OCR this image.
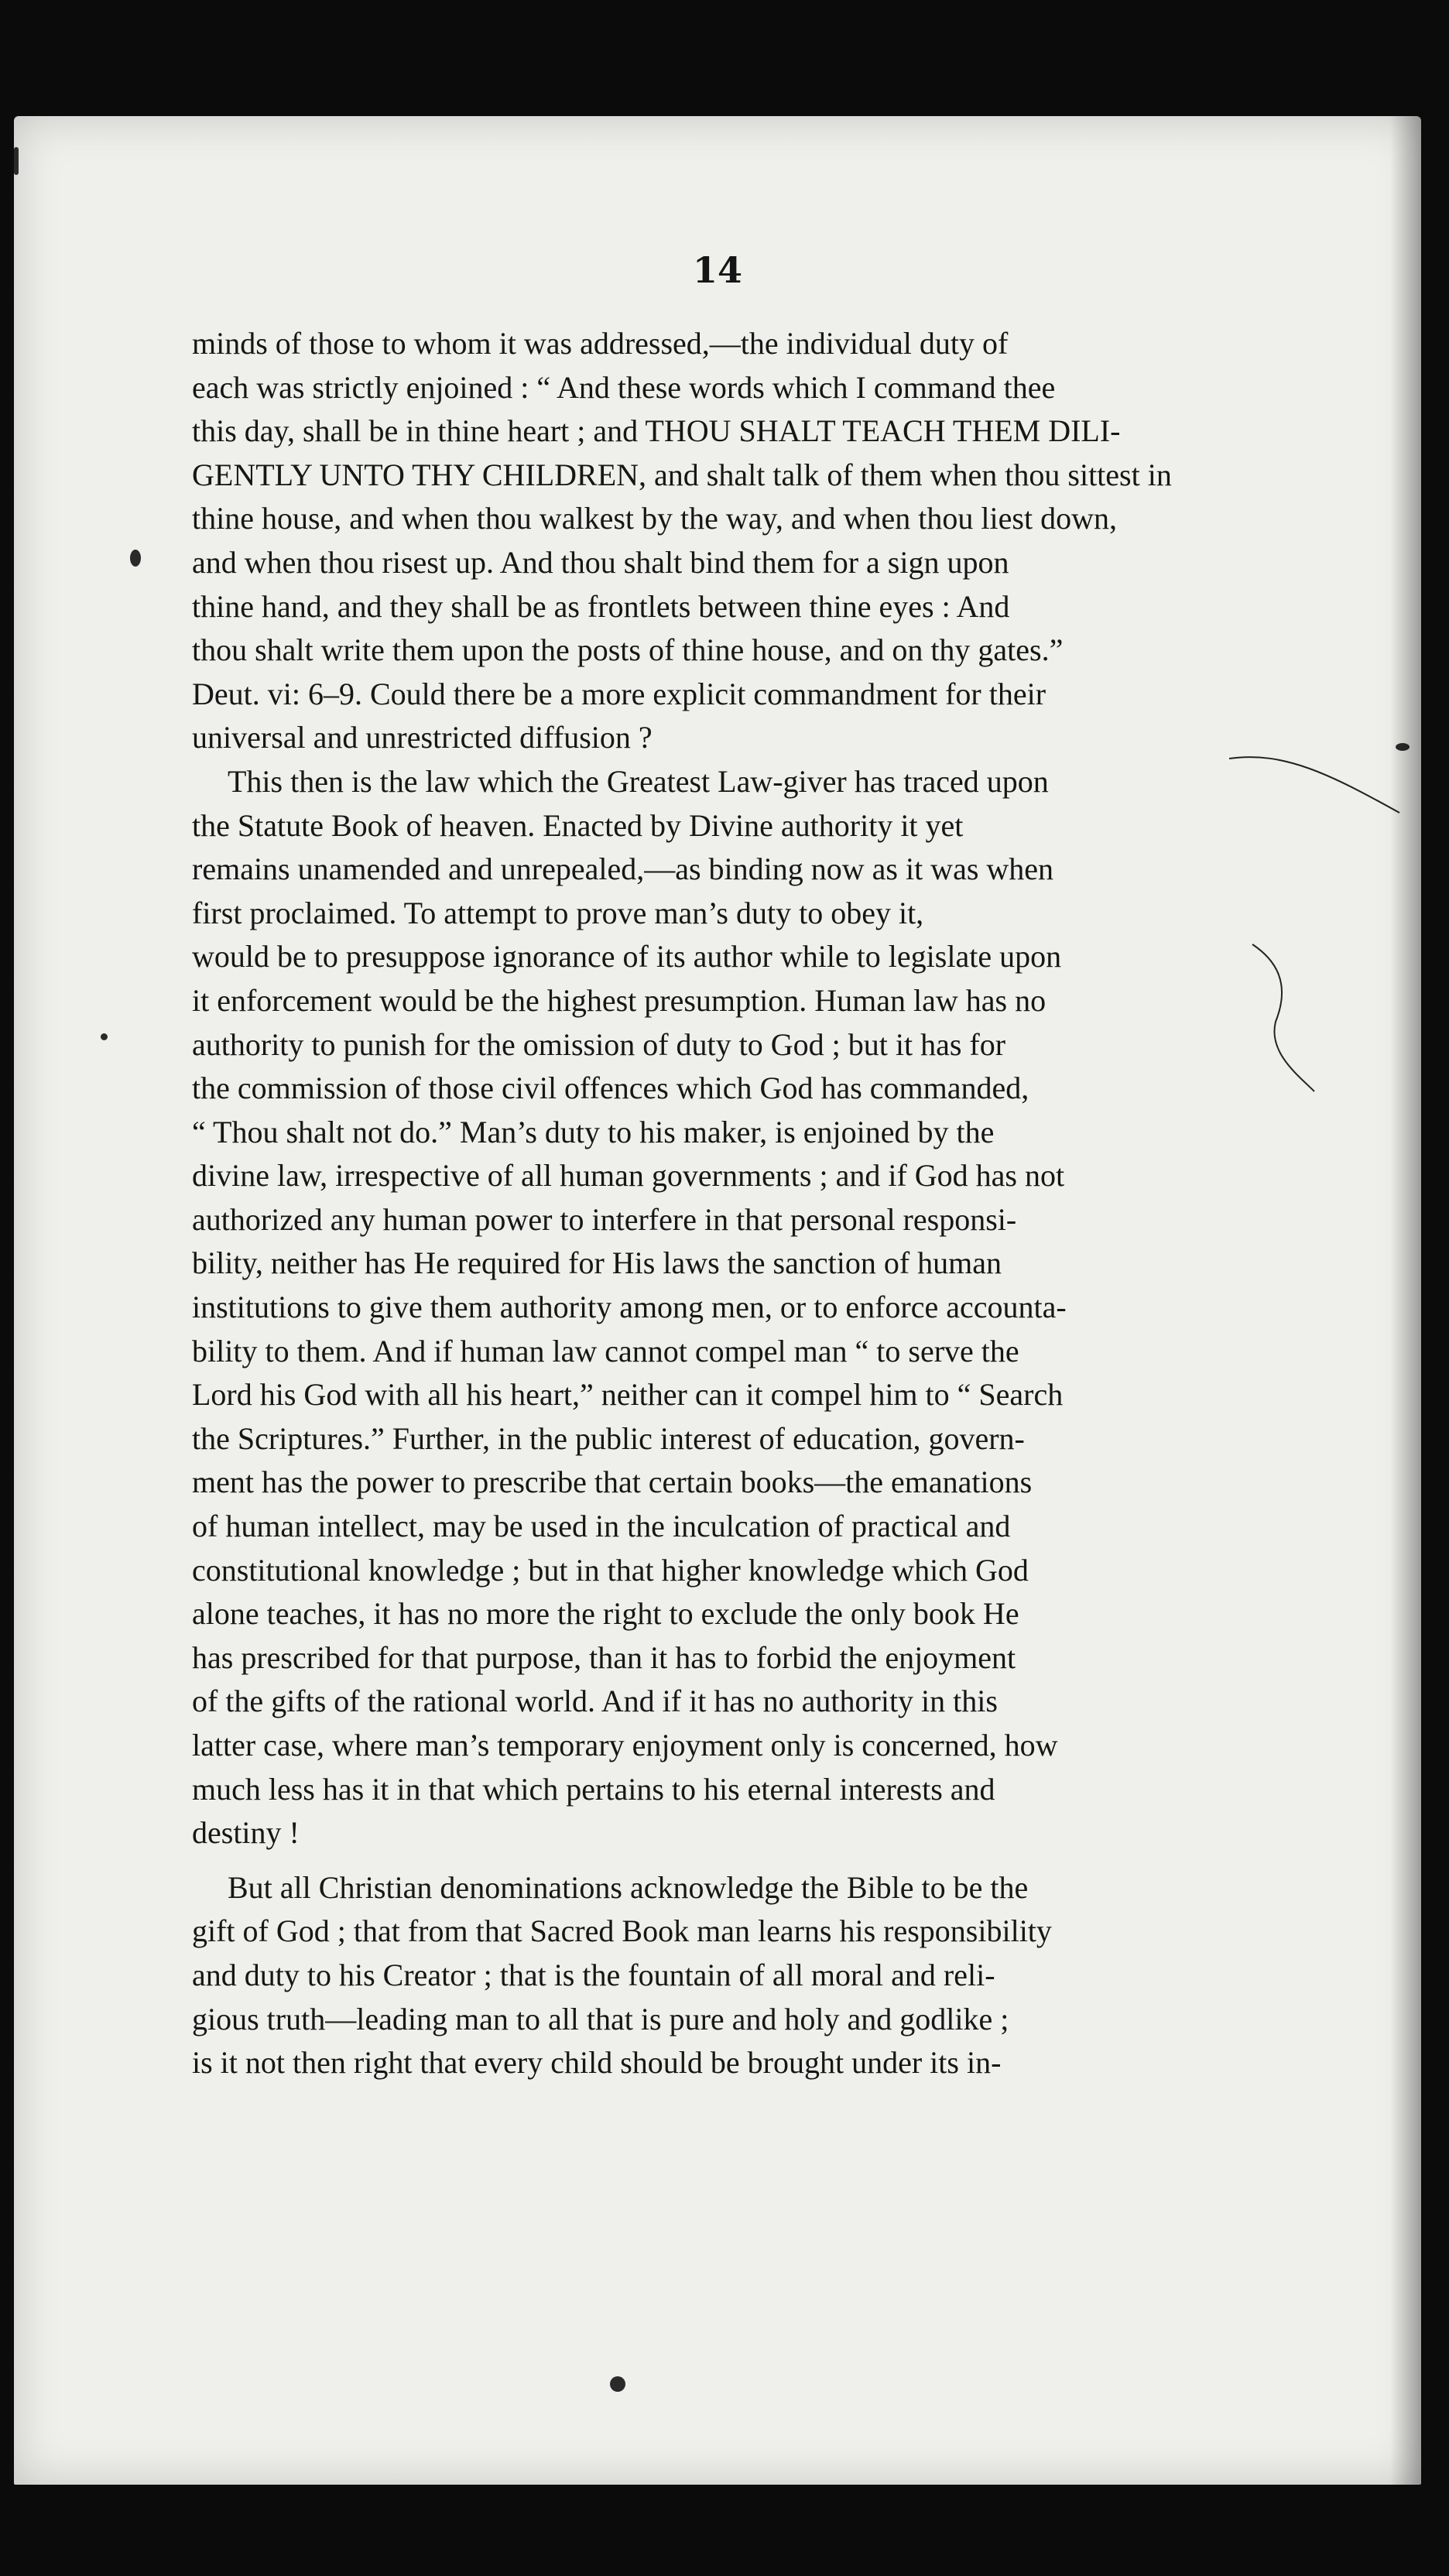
14
minds of those to whom it was addressed,—the individual duty of
each was strictly enjoined : “ And these words which I command thee
this day, shall be in thine heart ; and THOU SHALT TEACH THEM DILI-
GENTLY UNTO THY CHILDREN, and shalt talk of them when thou sittest in
thine house, and when thou walkest by the way, and when thou liest down,
and when thou risest up. And thou shalt bind them for a sign upon
thine hand, and they shall be as frontlets between thine eyes : And
thou shalt write them upon the posts of thine house, and on thy gates.”
Deut. vi: 6–9. Could there be a more explicit commandment for their
universal and unrestricted diffusion ?
This then is the law which the Greatest Law-giver has traced upon
the Statute Book of heaven. Enacted by Divine authority it yet
remains unamended and unrepealed,—as binding now as it was when
first proclaimed. To attempt to prove man’s duty to obey it,
would be to presuppose ignorance of its author while to legislate upon
it enforcement would be the highest presumption. Human law has no
authority to punish for the omission of duty to God ; but it has for
the commission of those civil offences which God has commanded,
“ Thou shalt not do.” Man’s duty to his maker, is enjoined by the
divine law, irrespective of all human governments ; and if God has not
authorized any human power to interfere in that personal responsi-
bility, neither has He required for His laws the sanction of human
institutions to give them authority among men, or to enforce accounta-
bility to them. And if human law cannot compel man “ to serve the
Lord his God with all his heart,” neither can it compel him to “ Search
the Scriptures.” Further, in the public interest of education, govern-
ment has the power to prescribe that certain books—the emanations
of human intellect, may be used in the inculcation of practical and
constitutional knowledge ; but in that higher knowledge which God
alone teaches, it has no more the right to exclude the only book He
has prescribed for that purpose, than it has to forbid the enjoyment
of the gifts of the rational world. And if it has no authority in this
latter case, where man’s temporary enjoyment only is concerned, how
much less has it in that which pertains to his eternal interests and
destiny !
But all Christian denominations acknowledge the Bible to be the
gift of God ; that from that Sacred Book man learns his responsibility
and duty to his Creator ; that is the fountain of all moral and reli-
gious truth—leading man to all that is pure and holy and godlike ;
is it not then right that every child should be brought under its in-
